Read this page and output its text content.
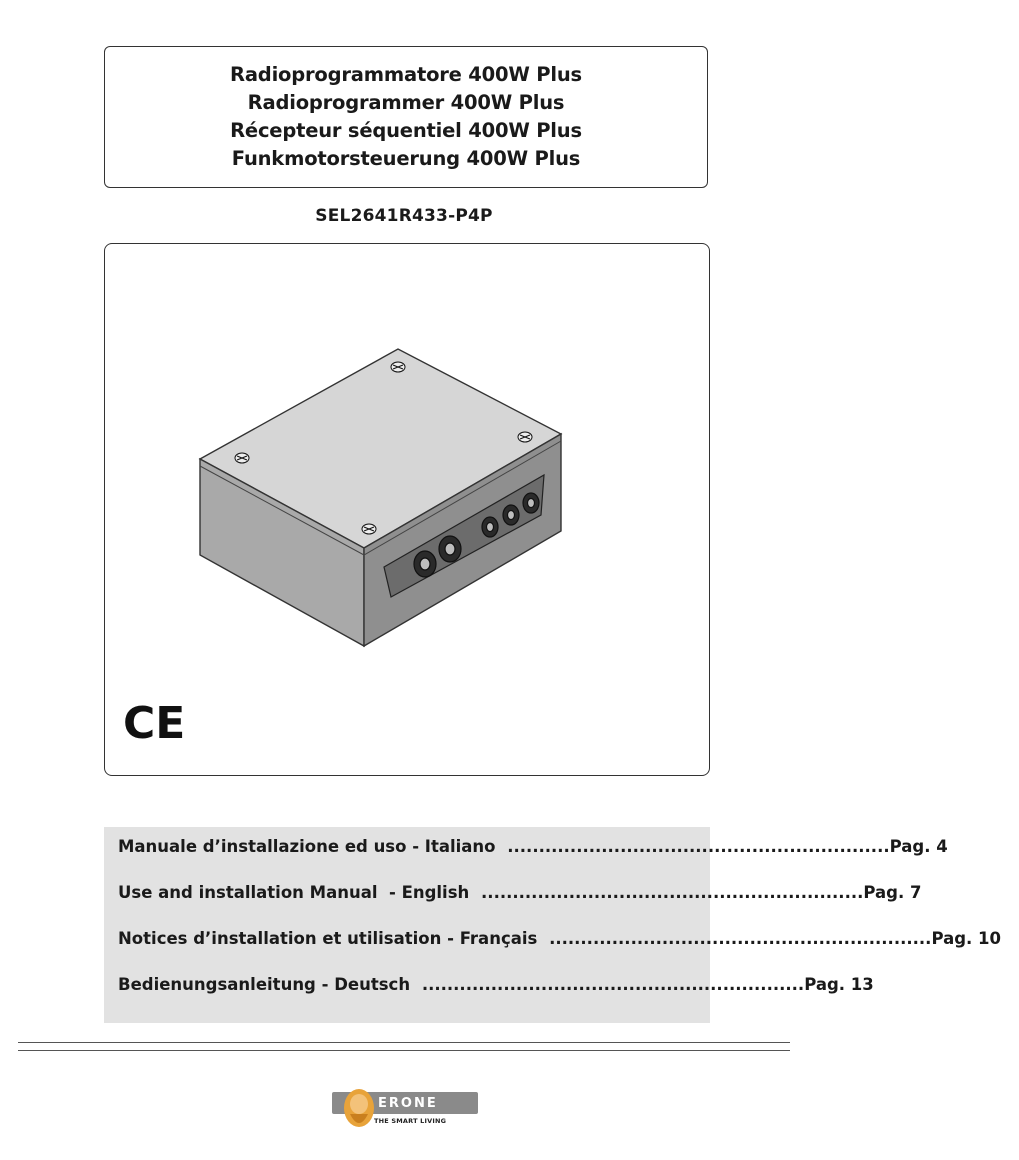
Radioprogrammatore 400W Plus
Radioprogrammer 400W Plus
Récepteur séquentiel 400W Plus
Funkmotorsteuerung 400W Plus
SEL2641R433-P4P
CE
Manuale d’installazione ed uso - Italiano ............................................................. Pag. 4
Use and installation Manual  - English ............................................................. Pag. 7
Notices d’installation et utilisation - Français ............................................................. Pag. 10
Bedienungsanleitung - Deutsch ............................................................. Pag. 13
ERONE
THE SMART LIVING
